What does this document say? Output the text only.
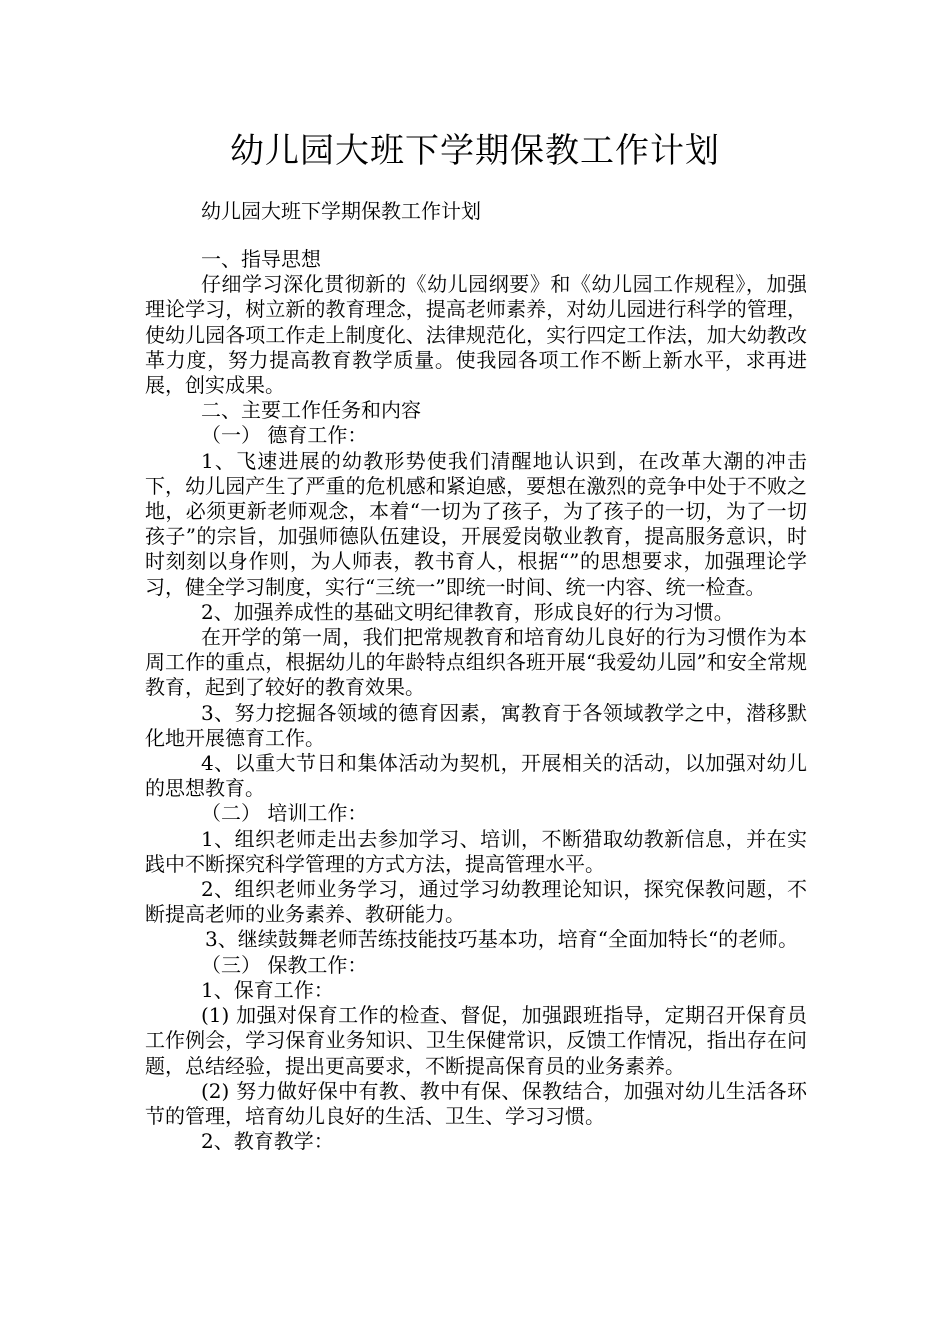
幼儿园大班下学期保教工作计划

幼儿园大班下学期保教工作计划

一、指导思想

仔细学习深化贯彻新的《幼儿园纲要》和《幼儿园工作规程》，加强理论学习，树立新的教育理念，提高老师素养，对幼儿园进行科学的管理，使幼儿园各项工作走上制度化、法律规范化，实行四定工作法，加大幼教改革力度，努力提高教育教学质量。使我园各项工作不断上新水平，求再进展，创实成果。

二、主要工作任务和内容

（一） 德育工作：

1、飞速进展的幼教形势使我们清醒地认识到，在改革大潮的冲击下，幼儿园产生了严重的危机感和紧迫感，要想在激烈的竞争中处于不败之地，必须更新老师观念，本着“一切为了孩子，为了孩子的一切，为了一切孩子”的宗旨，加强师德队伍建设，开展爱岗敬业教育，提高服务意识，时时刻刻以身作则，为人师表，教书育人，根据“”的思想要求，加强理论学习，健全学习制度，实行“三统一”即统一时间、统一内容、统一检查。

2、加强养成性的基础文明纪律教育，形成良好的行为习惯。

在开学的第一周，我们把常规教育和培育幼儿良好的行为习惯作为本周工作的重点，根据幼儿的年龄特点组织各班开展“我爱幼儿园”和安全常规教育，起到了较好的教育效果。

3、努力挖掘各领域的德育因素，寓教育于各领域教学之中，潜移默化地开展德育工作。

4、以重大节日和集体活动为契机，开展相关的活动，以加强对幼儿的思想教育。

（二） 培训工作：

1、组织老师走出去参加学习、培训，不断猎取幼教新信息，并在实践中不断探究科学管理的方式方法，提高管理水平。

2、组织老师业务学习，通过学习幼教理论知识，探究保教问题，不断提高老师的业务素养、教研能力。

3、继续鼓舞老师苦练技能技巧基本功，培育“全面加特长“的老师。

（三） 保教工作：

1、保育工作：

(1) 加强对保育工作的检查、督促，加强跟班指导，定期召开保育员工作例会，学习保育业务知识、卫生保健常识，反馈工作情况，指出存在问题，总结经验，提出更高要求，不断提高保育员的业务素养。

(2) 努力做好保中有教、教中有保、保教结合，加强对幼儿生活各环节的管理，培育幼儿良好的生活、卫生、学习习惯。

2、教育教学：
